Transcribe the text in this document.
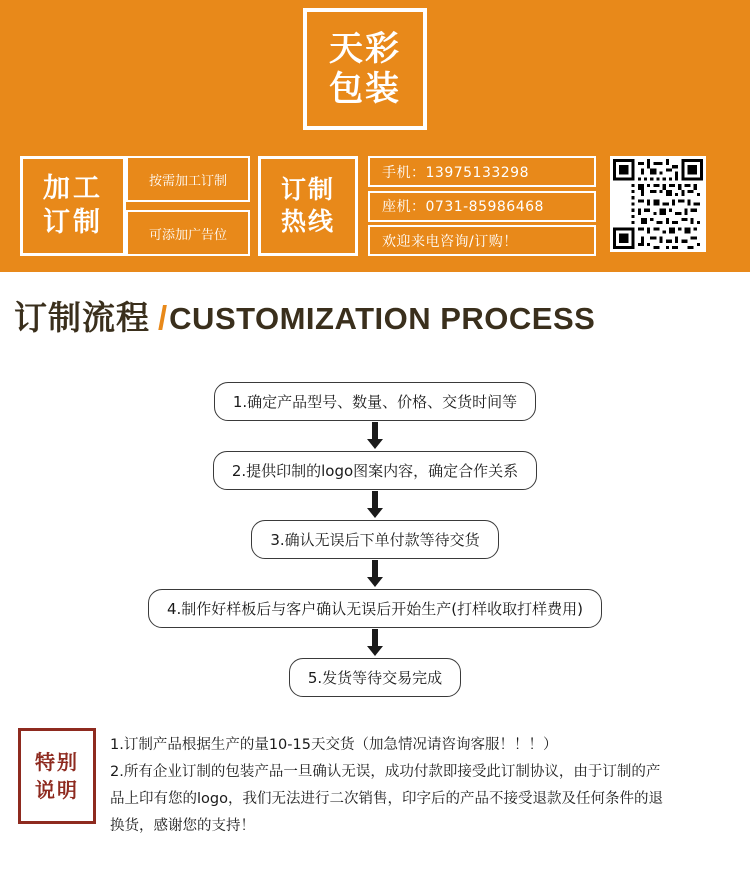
天彩
包装
加工
订制
按需加工订制
可添加广告位
订制
热线
手机：13975133298
座机：0731-85986468
欢迎来电咨询/订购！
订制流程 / CUSTOMIZATION PROCESS
1.确定产品型号、数量、价格、交货时间等
2.提供印制的logo图案内容，确定合作关系
3.确认无误后下单付款等待交货
4.制作好样板后与客户确认无误后开始生产(打样收取打样费用)
5.发货等待交易完成
特别
说明

1.订制产品根据生产的量10-15天交货（加急情况请咨询客服！！！）

2.所有企业订制的包装产品一旦确认无误，成功付款即接受此订制协议，由于订制的产

品上印有您的logo，我们无法进行二次销售，印字后的产品不接受退款及任何条件的退

换货，感谢您的支持！
